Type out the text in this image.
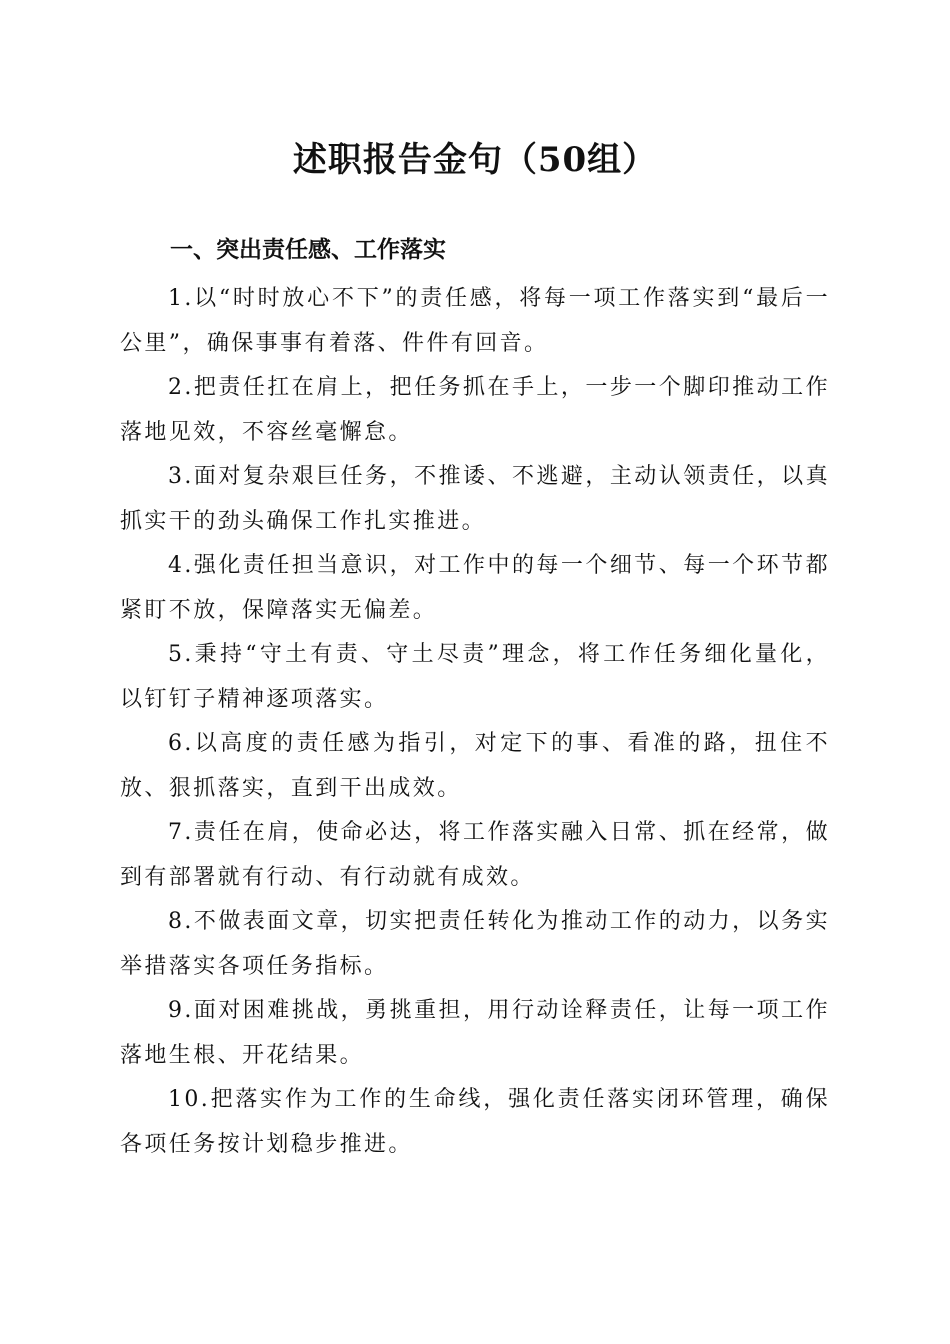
述职报告金句（50组）
一、突出责任感、工作落实

1.以“时时放心不下”的责任感，将每一项工作落实到“最后一公里”，确保事事有着落、件件有回音。

2.把责任扛在肩上，把任务抓在手上，一步一个脚印推动工作落地见效，不容丝毫懈怠。

3.面对复杂艰巨任务，不推诿、不逃避，主动认领责任，以真抓实干的劲头确保工作扎实推进。

4.强化责任担当意识，对工作中的每一个细节、每一个环节都紧盯不放，保障落实无偏差。

5.秉持“守土有责、守土尽责”理念，将工作任务细化量化，以钉钉子精神逐项落实。

6.以高度的责任感为指引，对定下的事、看准的路，扭住不放、狠抓落实，直到干出成效。

7.责任在肩，使命必达，将工作落实融入日常、抓在经常，做到有部署就有行动、有行动就有成效。

8.不做表面文章，切实把责任转化为推动工作的动力，以务实举措落实各项任务指标。

9.面对困难挑战，勇挑重担，用行动诠释责任，让每一项工作落地生根、开花结果。

10.把落实作为工作的生命线，强化责任落实闭环管理，确保各项任务按计划稳步推进。
